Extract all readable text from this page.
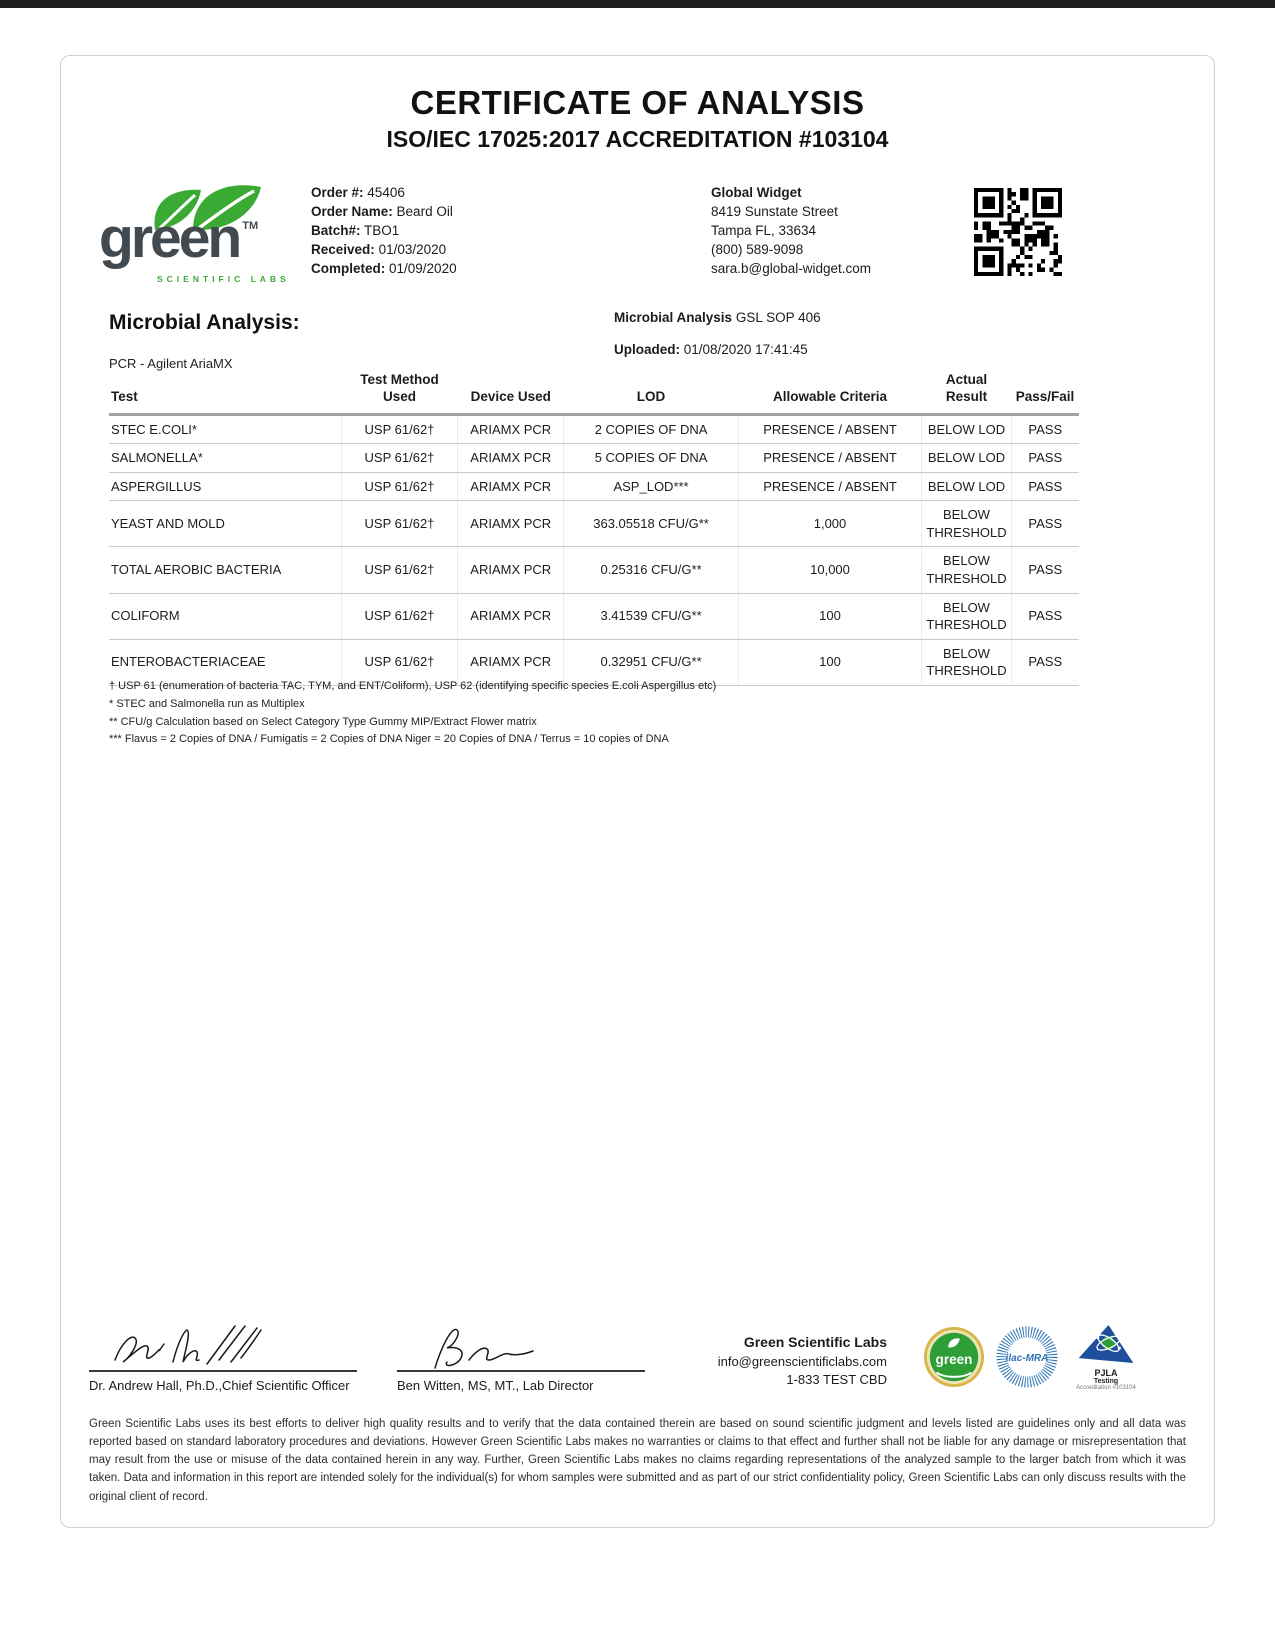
CERTIFICATE OF ANALYSIS
ISO/IEC 17025:2017 ACCREDITATION #103104
green ™
SCIENTIFIC LABS
Order #: 45406
Order Name: Beard Oil
Batch#: TBO1
Received: 01/03/2020
Completed: 01/09/2020
Global Widget
8419 Sunstate Street
Tampa FL, 33634
(800) 589-9098
sara.b@global-widget.com
Microbial Analysis:	Microbial Analysis GSL SOP 406
Uploaded: 01/08/2020 17:41:45
PCR - Agilent AriaMX
Test	Test Method Used	Device Used	LOD	Allowable Criteria	Actual Result	Pass/Fail
STEC E.COLI*	USP 61/62†	ARIAMX PCR	2 COPIES OF DNA	PRESENCE / ABSENT	BELOW LOD	PASS
SALMONELLA*	USP 61/62†	ARIAMX PCR	5 COPIES OF DNA	PRESENCE / ABSENT	BELOW LOD	PASS
ASPERGILLUS	USP 61/62†	ARIAMX PCR	ASP_LOD***	PRESENCE / ABSENT	BELOW LOD	PASS
YEAST AND MOLD	USP 61/62†	ARIAMX PCR	363.05518 CFU/G**	1,000	BELOW THRESHOLD	PASS
TOTAL AEROBIC BACTERIA	USP 61/62†	ARIAMX PCR	0.25316 CFU/G**	10,000	BELOW THRESHOLD	PASS
COLIFORM	USP 61/62†	ARIAMX PCR	3.41539 CFU/G**	100	BELOW THRESHOLD	PASS
ENTEROBACTERIACEAE	USP 61/62†	ARIAMX PCR	0.32951 CFU/G**	100	BELOW THRESHOLD	PASS
† USP 61 (enumeration of bacteria TAC, TYM, and ENT/Coliform), USP 62 (identifying specific species E.coli Aspergillus etc)
* STEC and Salmonella run as Multiplex
** CFU/g Calculation based on Select Category Type Gummy MIP/Extract Flower matrix
*** Flavus = 2 Copies of DNA / Fumigatis = 2 Copies of DNA Niger = 20 Copies of DNA / Terrus = 10 copies of DNA
Dr. Andrew Hall, Ph.D.,Chief Scientific Officer	Ben Witten, MS, MT., Lab Director
Green Scientific Labs
info@greenscientificlabs.com
1-833 TEST CBD
green	ilac-MRA
PJLA
Testing
Accreditation #103104
Green Scientific Labs uses its best efforts to deliver high quality results and to verify that the data contained therein are based on sound scientific judgment and levels listed are guidelines only and all data was reported based on standard laboratory procedures and deviations. However Green Scientific Labs makes no warranties or claims to that effect and further shall not be liable for any damage or misrepresentation that may result from the use or misuse of the data contained herein in any way. Further, Green Scientific Labs makes no claims regarding representations of the analyzed sample to the larger batch from which it was taken. Data and information in this report are intended solely for the individual(s) for whom samples were submitted and as part of our strict confidentiality policy, Green Scientific Labs can only discuss results with the original client of record.
